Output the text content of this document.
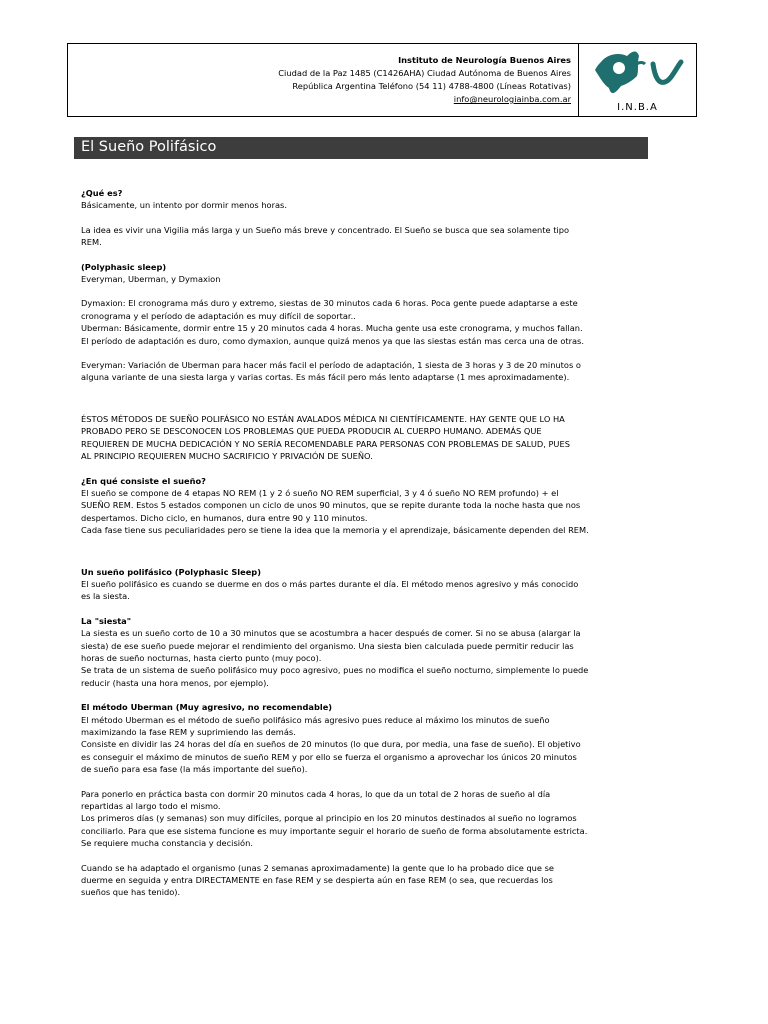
Instituto de Neurología Buenos Aires
Ciudad de la Paz 1485 (C1426AHA) Ciudad Autónoma de Buenos Aires
República Argentina Teléfono (54 11) 4788-4800 (Líneas Rotativas)
info@neurologiainba.com.ar
I.N.B.A
El Sueño Polifásico

¿Qué es?

Básicamente, un intento por dormir menos horas.

La idea es vivir una Vigilia más larga y un Sueño más breve y concentrado. El Sueño se busca que sea solamente tipo

REM.

(Polyphasic sleep)

Everyman, Uberman, y Dymaxion

Dymaxion: El cronograma más duro y extremo, siestas de 30 minutos cada 6 horas. Poca gente puede adaptarse a este

cronograma y el período de adaptación es muy difícil de soportar..

Uberman: Básicamente, dormir entre 15 y 20 minutos cada 4 horas. Mucha gente usa este cronograma, y muchos fallan.

El período de adaptación es duro, como dymaxion, aunque quizá menos ya que las siestas están mas cerca una de otras.

Everyman: Variación de Uberman para hacer más facil el período de adaptación, 1 siesta de 3 horas y 3 de 20 minutos o

alguna variante de una siesta larga y varias cortas. Es más fácil pero más lento adaptarse (1 mes aproximadamente).

ÉSTOS MÉTODOS DE SUEÑO POLIFÁSICO NO ESTÁN AVALADOS MÉDICA NI CIENTÍFICAMENTE. HAY GENTE QUE LO HA

PROBADO PERO SE DESCONOCEN LOS PROBLEMAS QUE PUEDA PRODUCIR AL CUERPO HUMANO. ADEMÁS QUE

REQUIEREN DE MUCHA DEDICACIÓN Y NO SERÍA RECOMENDABLE PARA PERSONAS CON PROBLEMAS DE SALUD, PUES

AL PRINCIPIO REQUIEREN MUCHO SACRIFICIO Y PRIVACIÓN DE SUEÑO.

¿En qué consiste el sueño?

El sueño se compone de 4 etapas NO REM (1 y 2 ó sueño NO REM superficial, 3 y 4 ó sueño NO REM profundo) + el

SUEÑO REM. Estos 5 estados componen un ciclo de unos 90 minutos, que se repite durante toda la noche hasta que nos

despertamos. Dicho ciclo, en humanos, dura entre 90 y 110 minutos.

Cada fase tiene sus peculiaridades pero se tiene la idea que la memoria y el aprendizaje, básicamente dependen del REM.

Un sueño polifásico (Polyphasic Sleep)

El sueño polifásico es cuando se duerme en dos o más partes durante el día. El método menos agresivo y más conocido

es la siesta.

La "siesta"

La siesta es un sueño corto de 10 a 30 minutos que se acostumbra a hacer después de comer. Si no se abusa (alargar la

siesta) de ese sueño puede mejorar el rendimiento del organismo. Una siesta bien calculada puede permitir reducir las

horas de sueño nocturnas, hasta cierto punto (muy poco).

Se trata de un sistema de sueño polifásico muy poco agresivo, pues no modifica el sueño nocturno, simplemente lo puede

reducir (hasta una hora menos, por ejemplo).

El método Uberman (Muy agresivo, no recomendable)

El método Uberman es el método de sueño polifásico más agresivo pues reduce al máximo los minutos de sueño

maximizando la fase REM y suprimiendo las demás.

Consiste en dividir las 24 horas del día en sueños de 20 minutos (lo que dura, por media, una fase de sueño). El objetivo

es conseguir el máximo de minutos de sueño REM y por ello se fuerza el organismo a aprovechar los únicos 20 minutos

de sueño para esa fase (la más importante del sueño).

Para ponerlo en práctica basta con dormir 20 minutos cada 4 horas, lo que da un total de 2 horas de sueño al día

repartidas al largo todo el mismo.

Los primeros días (y semanas) son muy difíciles, porque al principio en los 20 minutos destinados al sueño no logramos

conciliarlo. Para que ese sistema funcione es muy importante seguir el horario de sueño de forma absolutamente estricta.

Se requiere mucha constancia y decisión.

Cuando se ha adaptado el organismo (unas 2 semanas aproximadamente) la gente que lo ha probado dice que se

duerme en seguida y entra DIRECTAMENTE en fase REM y se despierta aún en fase REM (o sea, que recuerdas los

sueños que has tenido).
